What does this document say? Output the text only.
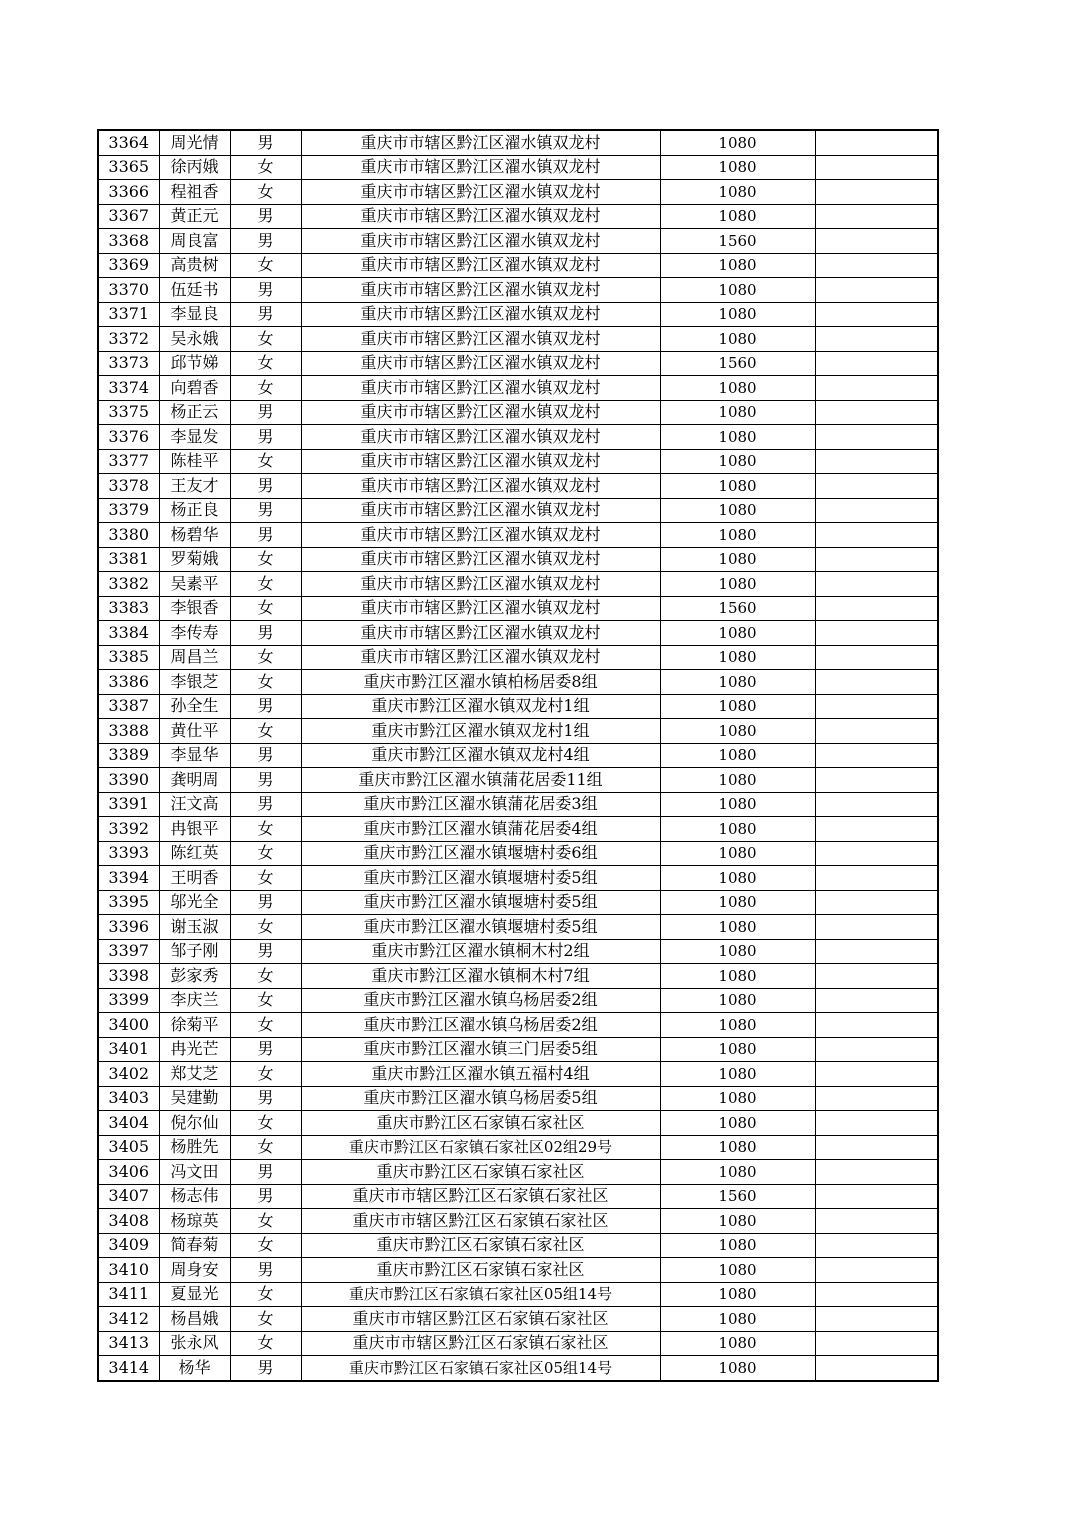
3364	周光情	男	重庆市市辖区黔江区濯水镇双龙村	1080	
3365	徐丙娥	女	重庆市市辖区黔江区濯水镇双龙村	1080	
3366	程祖香	女	重庆市市辖区黔江区濯水镇双龙村	1080	
3367	黄正元	男	重庆市市辖区黔江区濯水镇双龙村	1080	
3368	周良富	男	重庆市市辖区黔江区濯水镇双龙村	1560	
3369	高贵树	女	重庆市市辖区黔江区濯水镇双龙村	1080	
3370	伍廷书	男	重庆市市辖区黔江区濯水镇双龙村	1080	
3371	李显良	男	重庆市市辖区黔江区濯水镇双龙村	1080	
3372	吴永娥	女	重庆市市辖区黔江区濯水镇双龙村	1080	
3373	邱节娣	女	重庆市市辖区黔江区濯水镇双龙村	1560	
3374	向碧香	女	重庆市市辖区黔江区濯水镇双龙村	1080	
3375	杨正云	男	重庆市市辖区黔江区濯水镇双龙村	1080	
3376	李显发	男	重庆市市辖区黔江区濯水镇双龙村	1080	
3377	陈桂平	女	重庆市市辖区黔江区濯水镇双龙村	1080	
3378	王友才	男	重庆市市辖区黔江区濯水镇双龙村	1080	
3379	杨正良	男	重庆市市辖区黔江区濯水镇双龙村	1080	
3380	杨碧华	男	重庆市市辖区黔江区濯水镇双龙村	1080	
3381	罗菊娥	女	重庆市市辖区黔江区濯水镇双龙村	1080	
3382	吴素平	女	重庆市市辖区黔江区濯水镇双龙村	1080	
3383	李银香	女	重庆市市辖区黔江区濯水镇双龙村	1560	
3384	李传寿	男	重庆市市辖区黔江区濯水镇双龙村	1080	
3385	周昌兰	女	重庆市市辖区黔江区濯水镇双龙村	1080	
3386	李银芝	女	重庆市黔江区濯水镇柏杨居委8组	1080	
3387	孙全生	男	重庆市黔江区濯水镇双龙村1组	1080	
3388	黄仕平	女	重庆市黔江区濯水镇双龙村1组	1080	
3389	李显华	男	重庆市黔江区濯水镇双龙村4组	1080	
3390	龚明周	男	重庆市黔江区濯水镇蒲花居委11组	1080	
3391	汪文高	男	重庆市黔江区濯水镇蒲花居委3组	1080	
3392	冉银平	女	重庆市黔江区濯水镇蒲花居委4组	1080	
3393	陈红英	女	重庆市黔江区濯水镇堰塘村委6组	1080	
3394	王明香	女	重庆市黔江区濯水镇堰塘村委5组	1080	
3395	邬光全	男	重庆市黔江区濯水镇堰塘村委5组	1080	
3396	谢玉淑	女	重庆市黔江区濯水镇堰塘村委5组	1080	
3397	邹子刚	男	重庆市黔江区濯水镇桐木村2组	1080	
3398	彭家秀	女	重庆市黔江区濯水镇桐木村7组	1080	
3399	李庆兰	女	重庆市黔江区濯水镇乌杨居委2组	1080	
3400	徐菊平	女	重庆市黔江区濯水镇乌杨居委2组	1080	
3401	冉光芒	男	重庆市黔江区濯水镇三门居委5组	1080	
3402	郑艾芝	女	重庆市黔江区濯水镇五福村4组	1080	
3403	吴建勤	男	重庆市黔江区濯水镇乌杨居委5组	1080	
3404	倪尔仙	女	重庆市黔江区石家镇石家社区	1080	
3405	杨胜先	女	重庆市黔江区石家镇石家社区02组29号	1080	
3406	冯文田	男	重庆市黔江区石家镇石家社区	1080	
3407	杨志伟	男	重庆市市辖区黔江区石家镇石家社区	1560	
3408	杨琼英	女	重庆市市辖区黔江区石家镇石家社区	1080	
3409	简春菊	女	重庆市黔江区石家镇石家社区	1080	
3410	周身安	男	重庆市黔江区石家镇石家社区	1080	
3411	夏显光	女	重庆市黔江区石家镇石家社区05组14号	1080	
3412	杨昌娥	女	重庆市市辖区黔江区石家镇石家社区	1080	
3413	张永风	女	重庆市市辖区黔江区石家镇石家社区	1080	
3414	杨华	男	重庆市黔江区石家镇石家社区05组14号	1080	
